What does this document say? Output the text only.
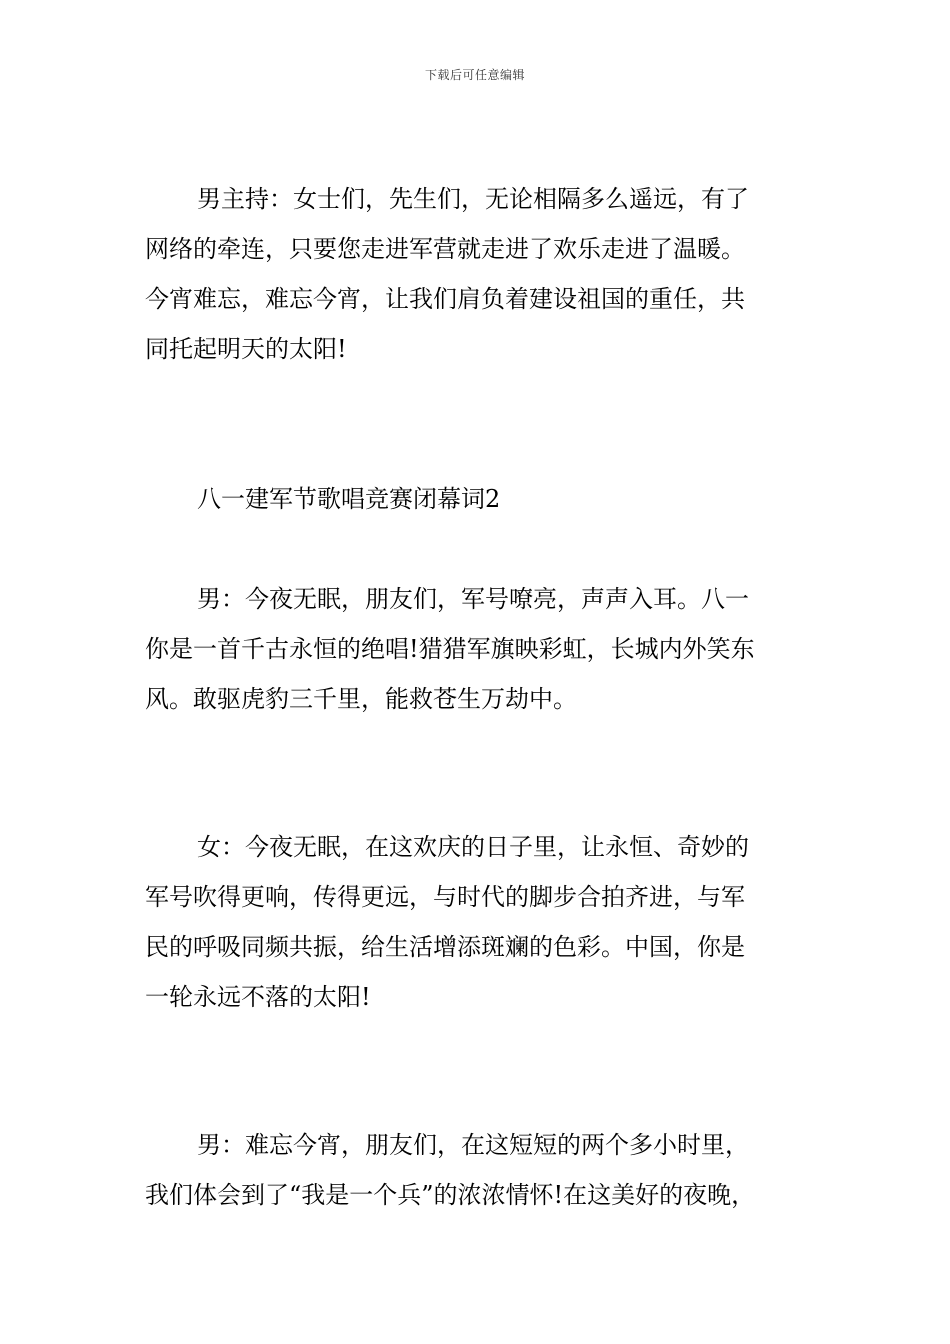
下载后可任意编辑
男主持：女士们，先生们，无论相隔多么遥远，有了
网络的牵连，只要您走进军营就走进了欢乐走进了温暖。
今宵难忘，难忘今宵，让我们肩负着建设祖国的重任，共
同托起明天的太阳!
八一建军节歌唱竞赛闭幕词2
男：今夜无眠，朋友们，军号嘹亮，声声入耳。八一
你是一首千古永恒的绝唱!猎猎军旗映彩虹，长城内外笑东
风。敢驱虎豹三千里，能救苍生万劫中。
女：今夜无眠，在这欢庆的日子里，让永恒、奇妙的
军号吹得更响，传得更远，与时代的脚步合拍齐进，与军
民的呼吸同频共振，给生活增添斑斓的色彩。中国，你是
一轮永远不落的太阳!
男：难忘今宵，朋友们，在这短短的两个多小时里，
我们体会到了“我是一个兵”的浓浓情怀!在这美好的夜晚，
